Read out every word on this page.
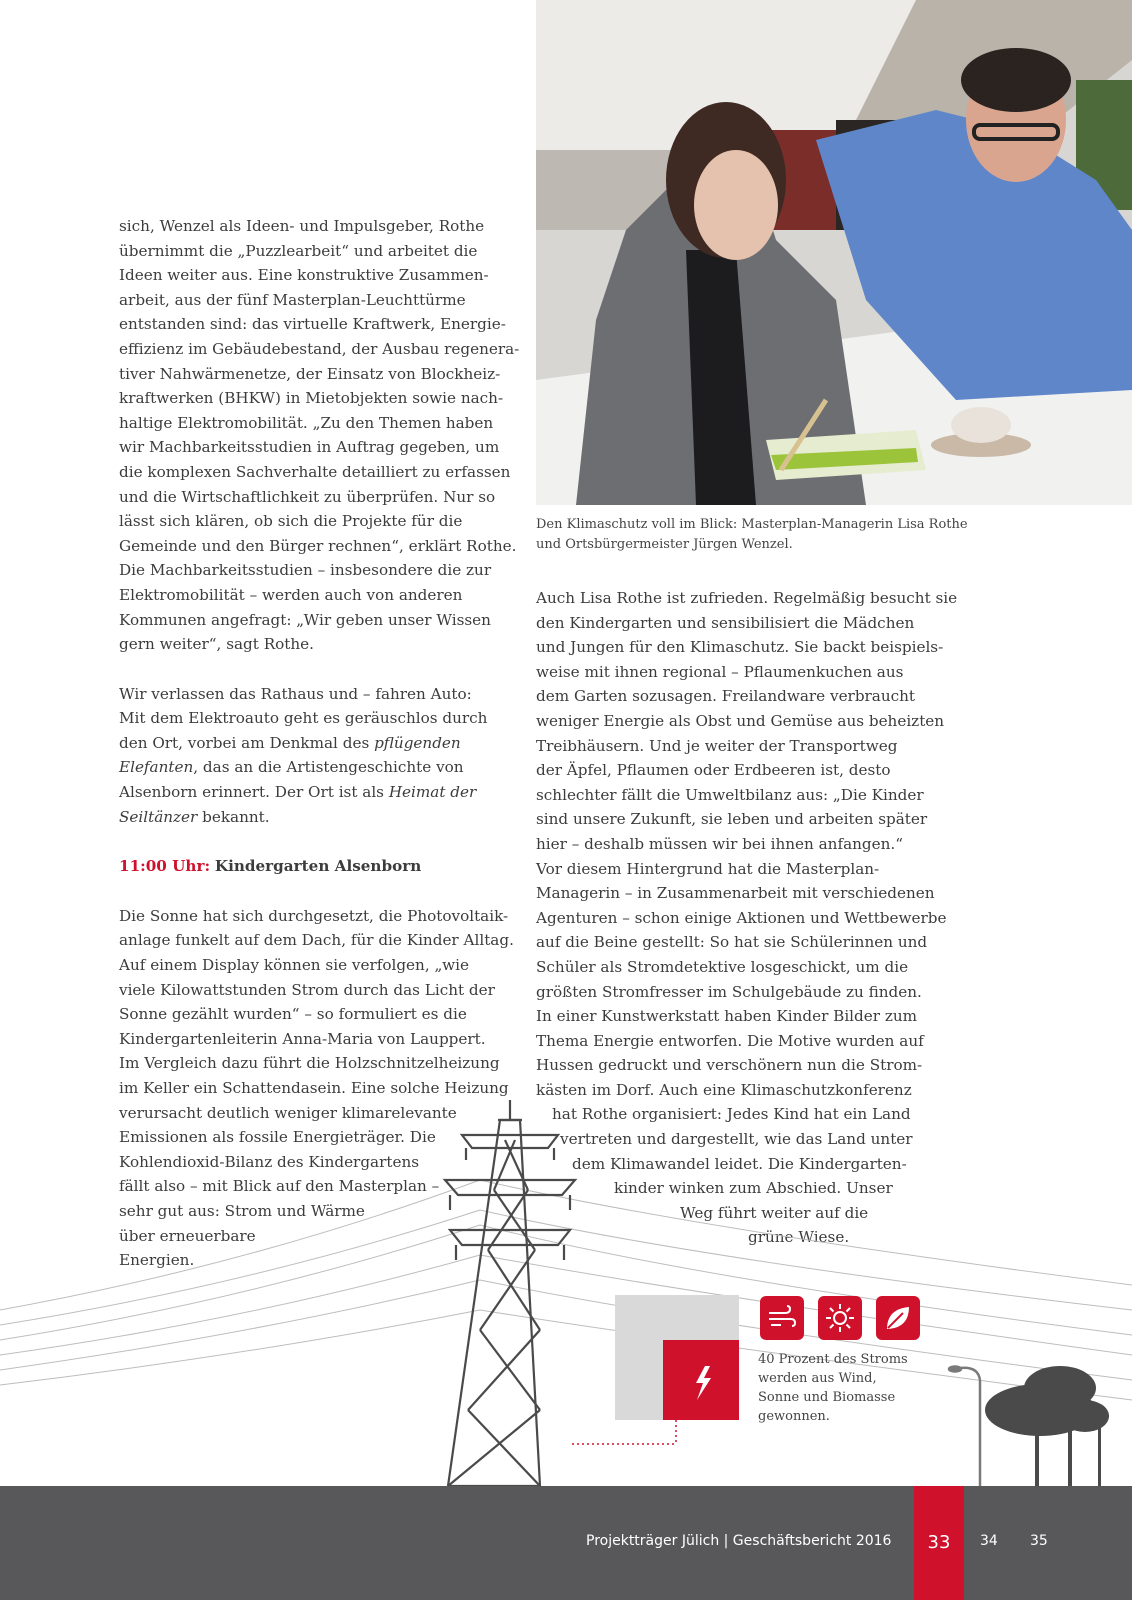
Den Klimaschutz voll im Blick: Masterplan-Managerin Lisa Rothe
und Ortsbürgermeister Jürgen Wenzel.

sich, Wenzel als Ideen- und Impulsgeber, Rothe
übernimmt die „Puzzlearbeit“ und arbeitet die
Ideen weiter aus. Eine konstruktive Zusammen-
arbeit, aus der fünf Masterplan-Leuchttürme
entstanden sind: das virtuelle Kraftwerk, Energie-
effizienz im Gebäudebestand, der Ausbau regenera-
tiver Nahwärmenetze, der Einsatz von Blockheiz-
kraftwerken (BHKW) in Mietobjekten sowie nach-
haltige Elektromobilität. „Zu den Themen haben
wir Machbarkeitsstudien in Auftrag gegeben, um
die komplexen Sachverhalte detailliert zu erfassen
und die Wirtschaftlichkeit zu überprüfen. Nur so
lässt sich klären, ob sich die Projekte für die
Gemeinde und den Bürger rechnen“, erklärt Rothe.
Die Machbarkeitsstudien – insbesondere die zur
Elektromobilität – werden auch von anderen
Kommunen angefragt: „Wir geben unser Wissen
gern weiter“, sagt Rothe.

Wir verlassen das Rathaus und – fahren Auto:
Mit dem Elektroauto geht es geräuschlos durch
den Ort, vorbei am Denkmal des pflügenden
Elefanten, das an die Artistengeschichte von
Alsenborn erinnert. Der Ort ist als Heimat der
Seiltänzer bekannt.

11:00 Uhr: Kindergarten Alsenborn

Die Sonne hat sich durchgesetzt, die Photovoltaik-
anlage funkelt auf dem Dach, für die Kinder Alltag.
Auf einem Display können sie verfolgen, „wie
viele Kilowattstunden Strom durch das Licht der
Sonne gezählt wurden“ – so formuliert es die
Kindergartenleiterin Anna-Maria von Lauppert.
Im Vergleich dazu führt die Holzschnitzelheizung
im Keller ein Schattendasein. Eine solche Heizung
verursacht deutlich weniger klimarelevante
Emissionen als fossile Energieträger. Die
Kohlendioxid-Bilanz des Kindergartens
fällt also – mit Blick auf den Masterplan –
sehr gut aus: Strom und Wärme
über erneuerbare
Energien.

Auch Lisa Rothe ist zufrieden. Regelmäßig besucht sie
den Kindergarten und sensibilisiert die Mädchen
und Jungen für den Klimaschutz. Sie backt beispiels-
weise mit ihnen regional – Pflaumenkuchen aus
dem Garten sozusagen. Freilandware verbraucht
weniger Energie als Obst und Gemüse aus beheizten
Treibhäusern. Und je weiter der Transportweg
der Äpfel, Pflaumen oder Erdbeeren ist, desto
schlechter fällt die Umweltbilanz aus: „Die Kinder
sind unsere Zukunft, sie leben und arbeiten später
hier – deshalb müssen wir bei ihnen anfangen.“
Vor diesem Hintergrund hat die Masterplan-
Managerin – in Zusammenarbeit mit verschiedenen
Agenturen – schon einige Aktionen und Wettbewerbe
auf die Beine gestellt: So hat sie Schülerinnen und
Schüler als Stromdetektive losgeschickt, um die
größten Stromfresser im Schulgebäude zu finden.
In einer Kunstwerkstatt haben Kinder Bilder zum
Thema Energie entworfen. Die Motive wurden auf
Hussen gedruckt und verschönern nun die Strom-
kästen im Dorf. Auch eine Klimaschutzkonferenz
hat Rothe organisiert: Jedes Kind hat ein Land
vertreten und dargestellt, wie das Land unter
dem Klimawandel leidet. Die Kindergarten-
kinder winken zum Abschied. Unser
Weg führt weiter auf die
grüne Wiese.
40 Prozent des Stroms
werden aus Wind,
Sonne und Biomasse
gewonnen.
Projektträger Jülich | Geschäftsbericht 2016	33	34 35
